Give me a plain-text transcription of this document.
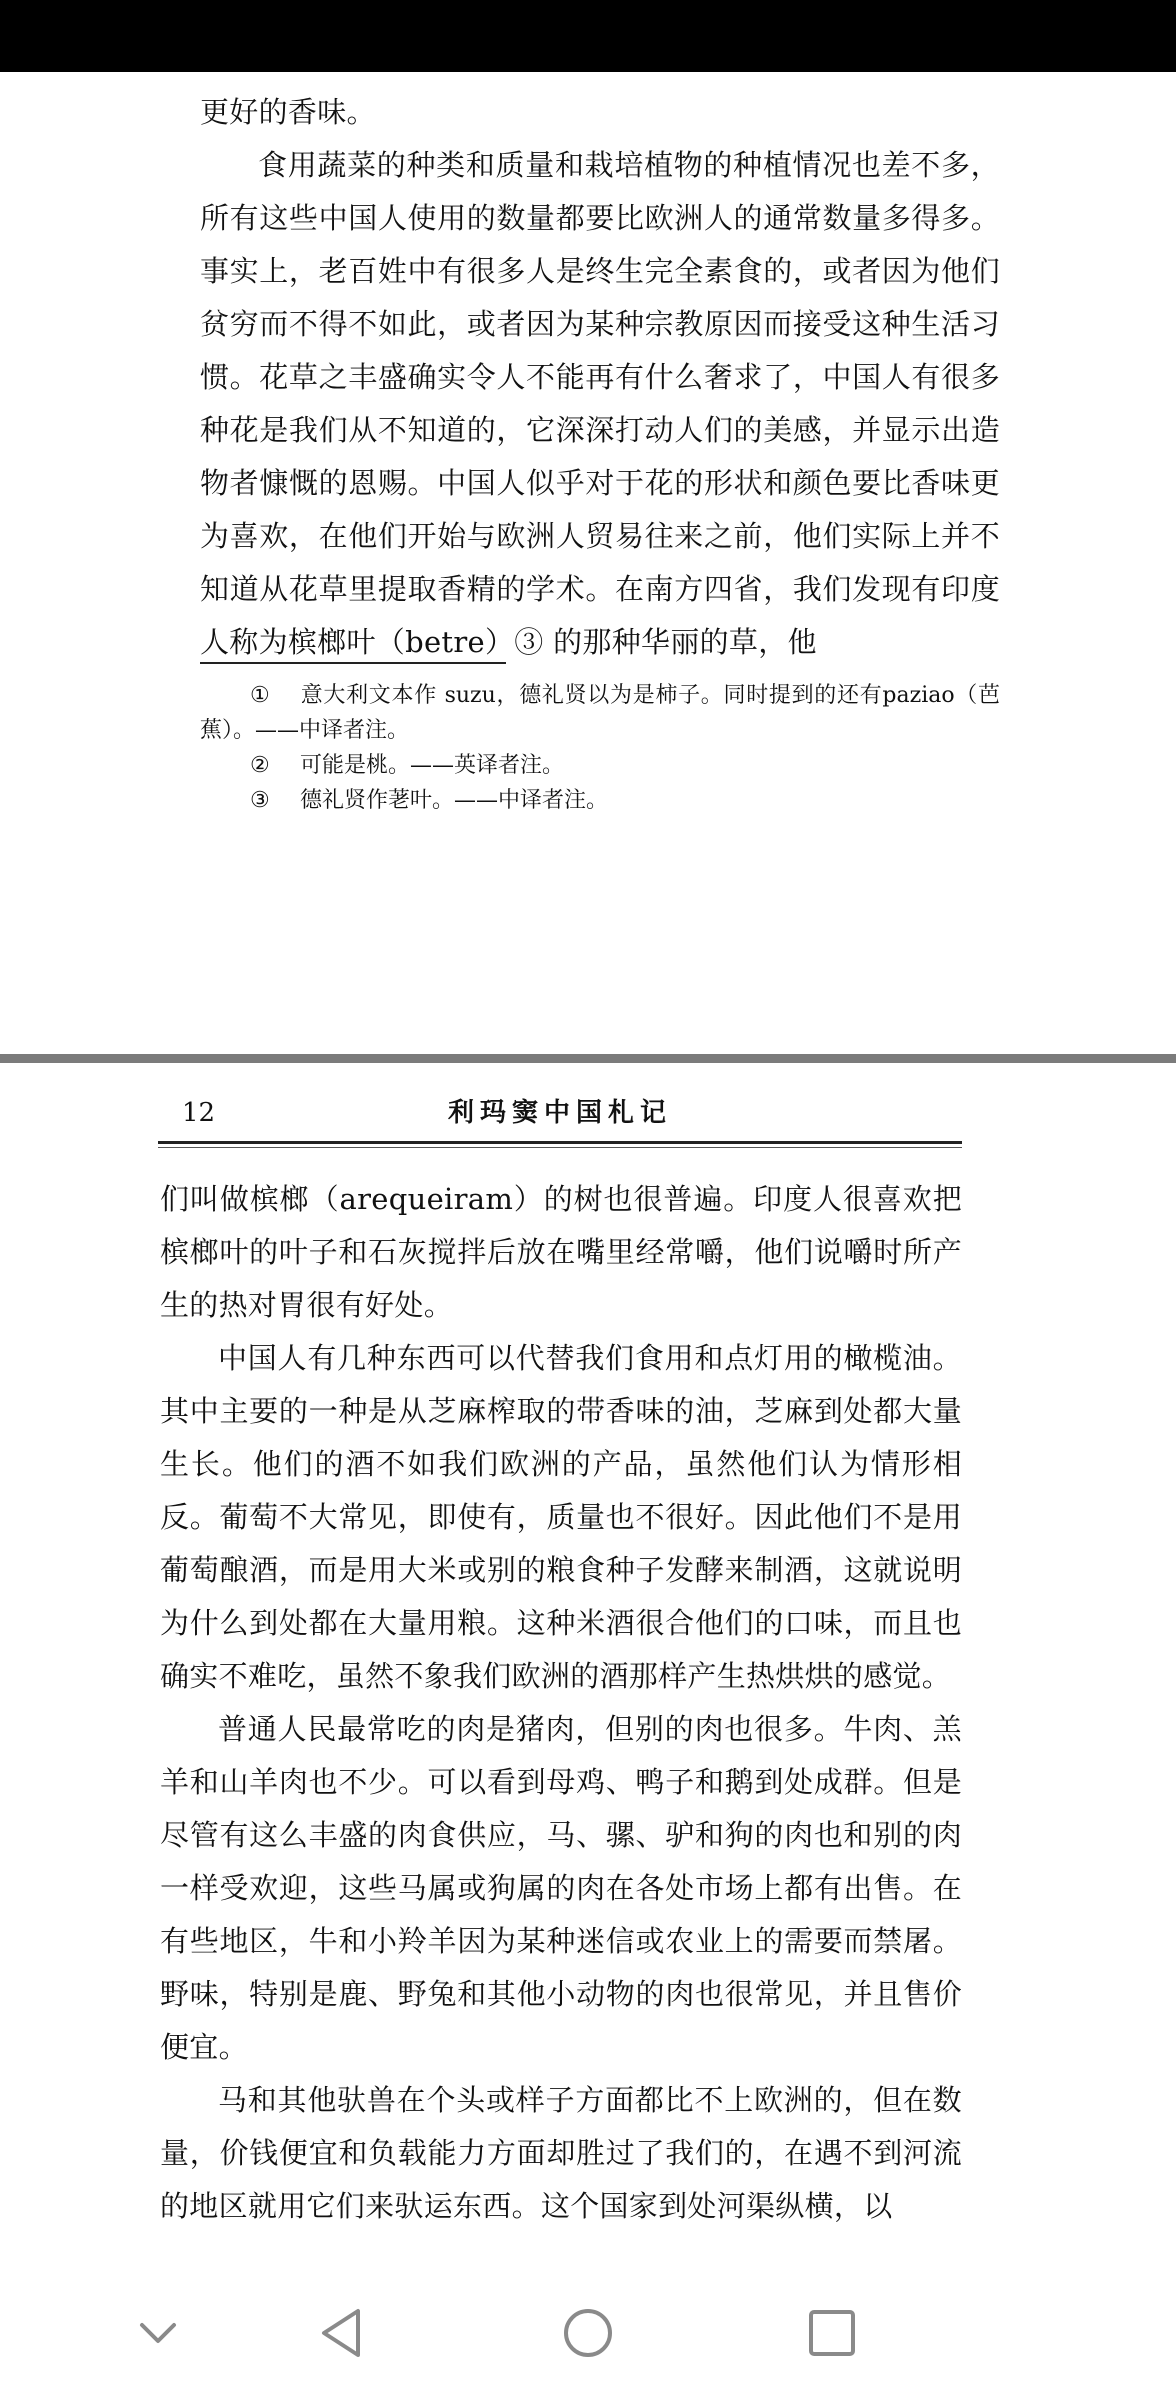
更好的香味。

食用蔬菜的种类和质量和栽培植物的种植情况也差不多，所有这些中国人使用的数量都要比欧洲人的通常数量多得多。事实上，老百姓中有很多人是终生完全素食的，或者因为他们贫穷而不得不如此，或者因为某种宗教原因而接受这种生活习惯。花草之丰盛确实令人不能再有什么奢求了，中国人有很多种花是我们从不知道的，它深深打动人们的美感，并显示出造物者慷慨的恩赐。中国人似乎对于花的形状和颜色要比香味更为喜欢，在他们开始与欧洲人贸易往来之前，他们实际上并不知道从花草里提取香精的学术。在南方四省，我们发现有印度人称为槟榔叶（betre）③ 的那种华丽的草，他

① 意大利文本作 suzu，德礼贤以为是柿子。同时提到的还有paziao（芭蕉）。——中译者注。

② 可能是桃。——英译者注。

③ 德礼贤作荖叶。——中译者注。

利玛窦中国札记
12

们叫做槟榔（arequeiram）的树也很普遍。印度人很喜欢把槟榔叶的叶子和石灰搅拌后放在嘴里经常嚼，他们说嚼时所产生的热对胃很有好处。

中国人有几种东西可以代替我们食用和点灯用的橄榄油。其中主要的一种是从芝麻榨取的带香味的油，芝麻到处都大量生长。他们的酒不如我们欧洲的产品，虽然他们认为情形相反。葡萄不大常见，即使有，质量也不很好。因此他们不是用葡萄酿酒，而是用大米或别的粮食种子发酵来制酒，这就说明为什么到处都在大量用粮。这种米酒很合他们的口味，而且也确实不难吃，虽然不象我们欧洲的酒那样产生热烘烘的感觉。

普通人民最常吃的肉是猪肉，但别的肉也很多。牛肉、羔羊和山羊肉也不少。可以看到母鸡、鸭子和鹅到处成群。但是尽管有这么丰盛的肉食供应，马、骡、驴和狗的肉也和别的肉一样受欢迎，这些马属或狗属的肉在各处市场上都有出售。在有些地区，牛和小羚羊因为某种迷信或农业上的需要而禁屠。野味，特别是鹿、野兔和其他小动物的肉也很常见，并且售价便宜。

马和其他驮兽在个头或样子方面都比不上欧洲的，但在数量，价钱便宜和负载能力方面却胜过了我们的，在遇不到河流的地区就用它们来驮运东西。这个国家到处河渠纵横，以
